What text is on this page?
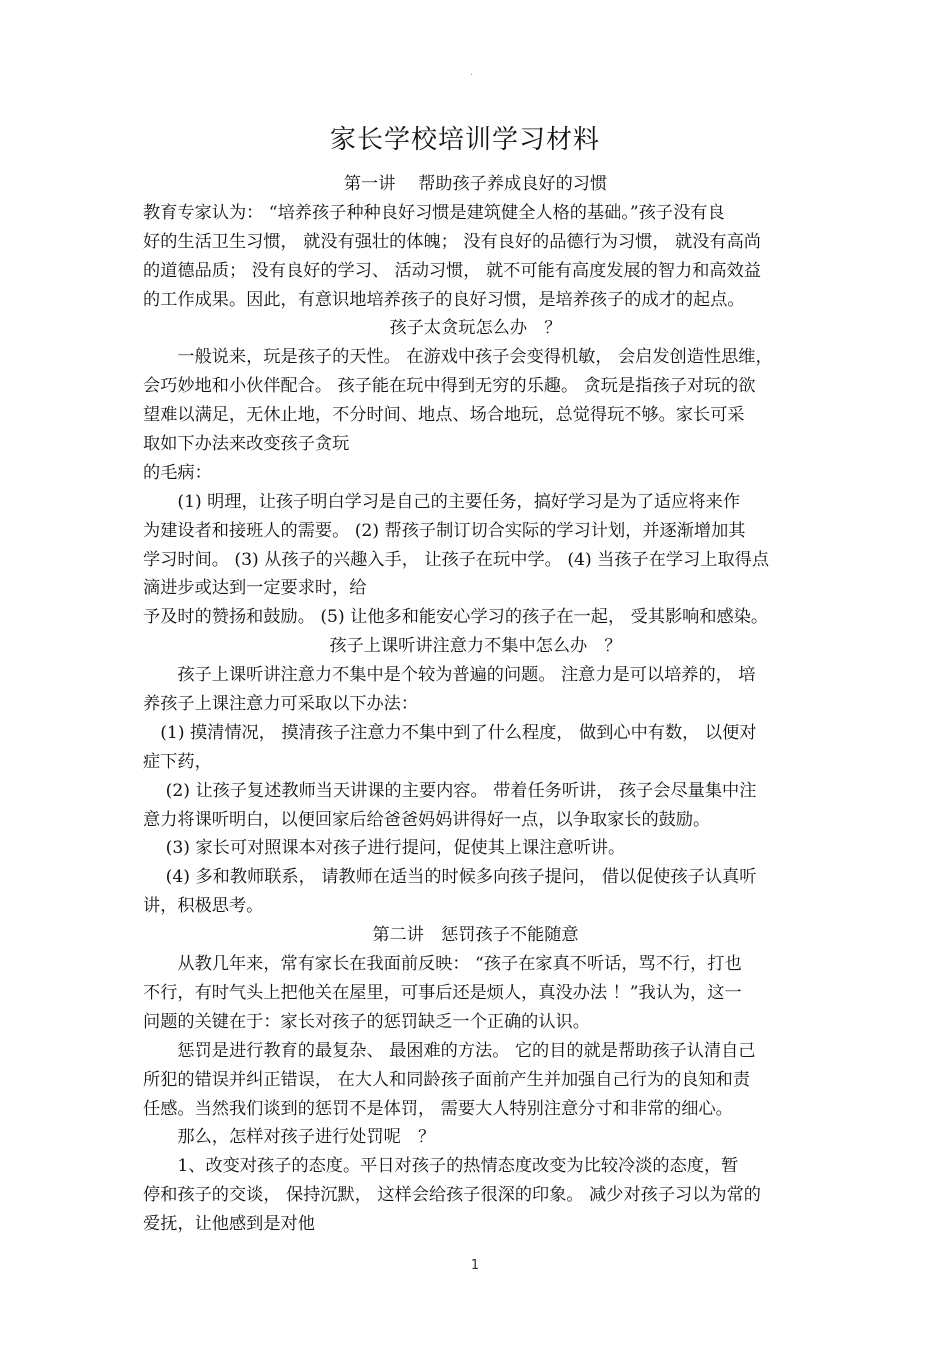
·
家长学校培训学习材料
第一讲　 帮助孩子养成良好的习惯
教育专家认为： “培养孩子种种良好习惯是建筑健全人格的基础。”孩子没有良
好的生活卫生习惯， 就没有强壮的体魄； 没有良好的品德行为习惯， 就没有高尚
的道德品质； 没有良好的学习、 活动习惯， 就不可能有高度发展的智力和高效益
的工作成果。因此，有意识地培养孩子的良好习惯，是培养孩子的成才的起点。
孩子太贪玩怎么办　？
　　一般说来，玩是孩子的天性。 在游戏中孩子会变得机敏， 会启发创造性思维，
会巧妙地和小伙伴配合。 孩子能在玩中得到无穷的乐趣。 贪玩是指孩子对玩的欲
望难以满足，无休止地，不分时间、地点、场合地玩，总觉得玩不够。家长可采
取如下办法来改变孩子贪玩
的毛病：
　　(1) 明理，让孩子明白学习是自己的主要任务，搞好学习是为了适应将来作
为建设者和接班人的需要。 (2) 帮孩子制订切合实际的学习计划，并逐渐增加其
学习时间。 (3) 从孩子的兴趣入手， 让孩子在玩中学。 (4) 当孩子在学习上取得点
滴进步或达到一定要求时，给
予及时的赞扬和鼓励。 (5) 让他多和能安心学习的孩子在一起， 受其影响和感染。
孩子上课听讲注意力不集中怎么办　？
　　孩子上课听讲注意力不集中是个较为普遍的问题。 注意力是可以培养的， 培
养孩子上课注意力可采取以下办法：
　(1) 摸清情况， 摸清孩子注意力不集中到了什么程度， 做到心中有数， 以便对
症下药，
　 (2) 让孩子复述教师当天讲课的主要内容。 带着任务听讲， 孩子会尽量集中注
意力将课听明白，以便回家后给爸爸妈妈讲得好一点，以争取家长的鼓励。
　 (3) 家长可对照课本对孩子进行提问，促使其上课注意听讲。
　 (4) 多和教师联系， 请教师在适当的时候多向孩子提问， 借以促使孩子认真听
讲，积极思考。
第二讲　惩罚孩子不能随意
　　从教几年来，常有家长在我面前反映： “孩子在家真不听话，骂不行，打也
不行，有时气头上把他关在屋里，可事后还是烦人，真没办法 ！”我认为，这一
问题的关键在于：家长对孩子的惩罚缺乏一个正确的认识。
　　惩罚是进行教育的最复杂、 最困难的方法。 它的目的就是帮助孩子认清自己
所犯的错误并纠正错误， 在大人和同龄孩子面前产生并加强自己行为的良知和责
任感。当然我们谈到的惩罚不是体罚， 需要大人特别注意分寸和非常的细心。
　　那么，怎样对孩子进行处罚呢　？
　　1、改变对孩子的态度。平日对孩子的热情态度改变为比较冷淡的态度，暂
停和孩子的交谈， 保持沉默， 这样会给孩子很深的印象。 减少对孩子习以为常的
爱抚，让他感到是对他
1
